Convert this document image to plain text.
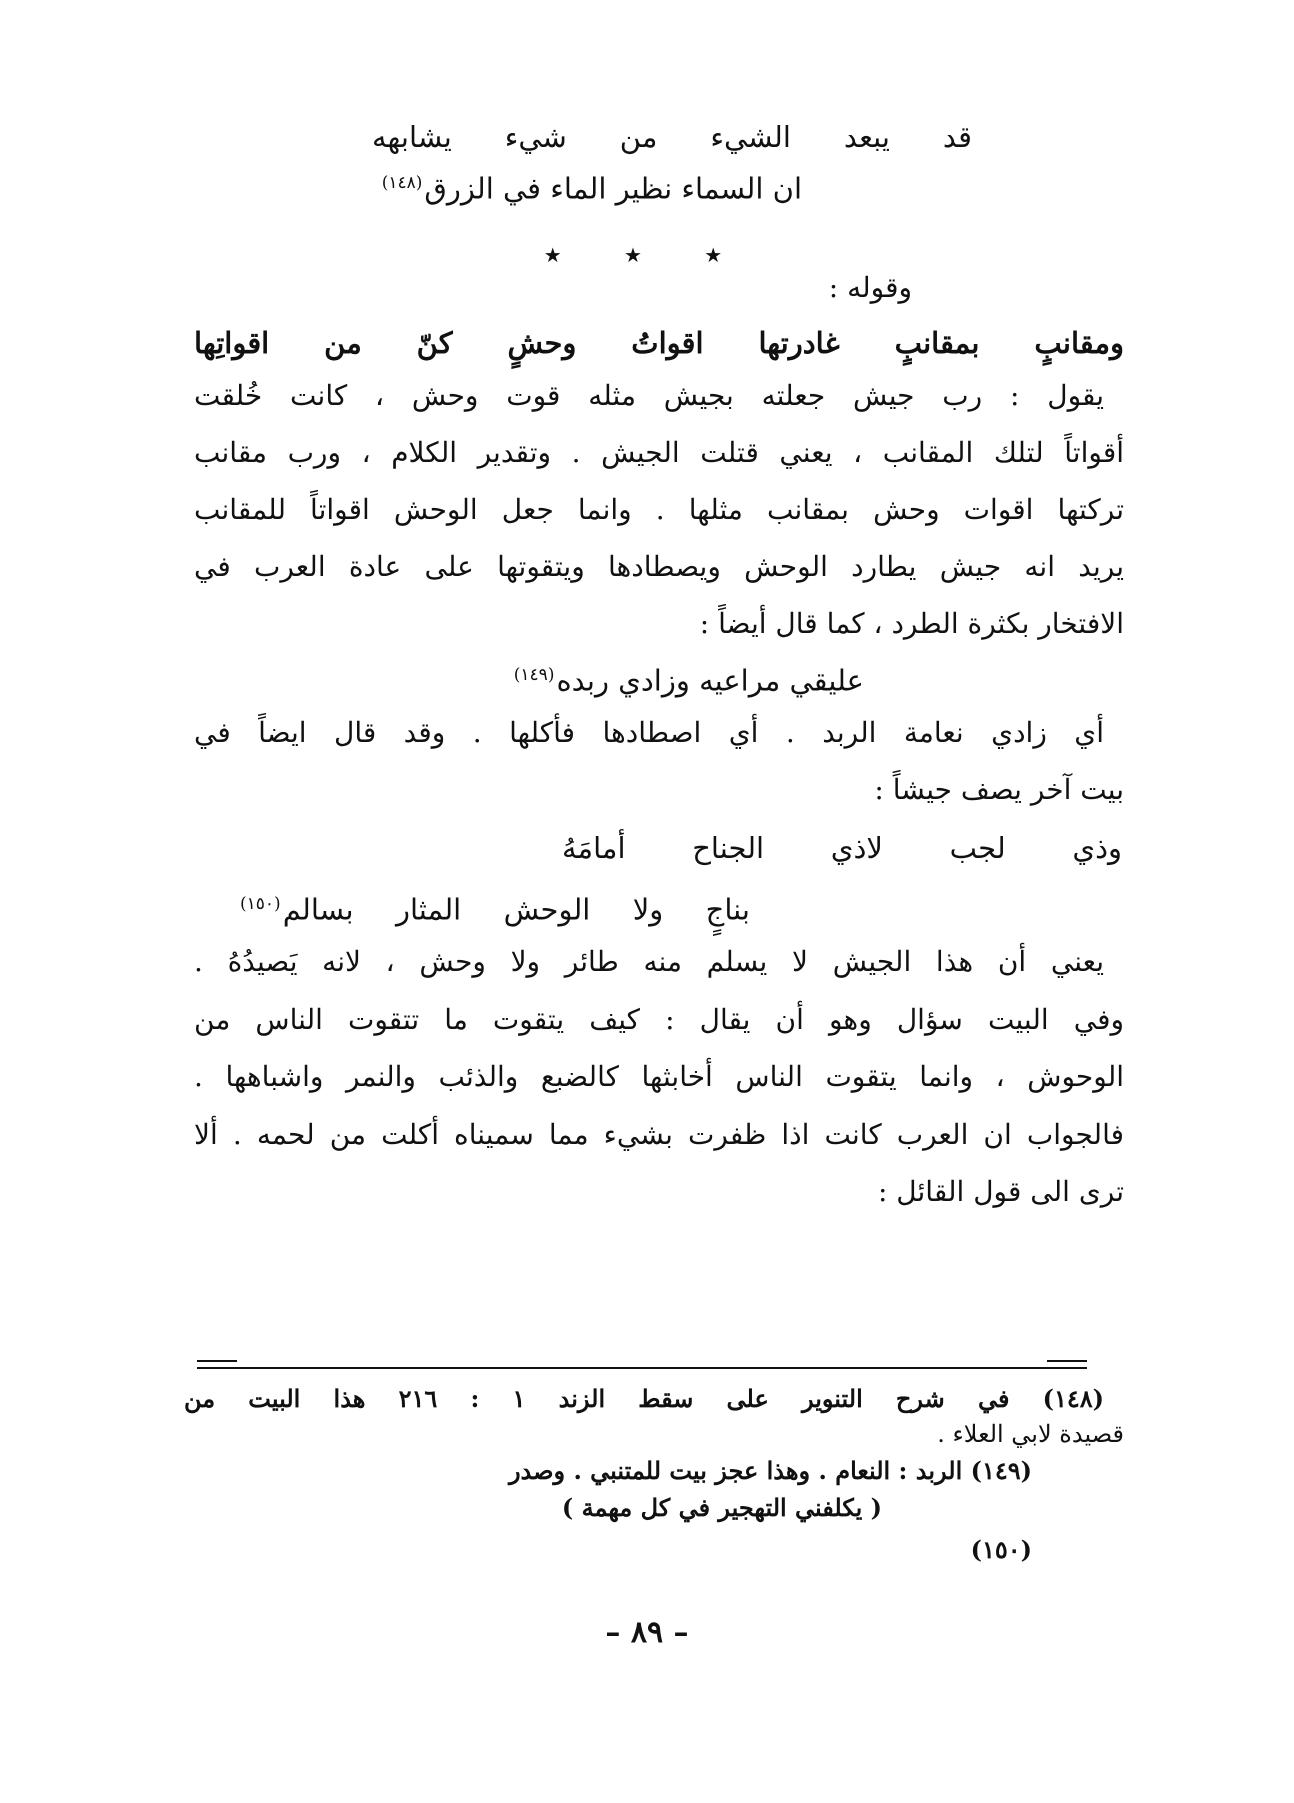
قد يبعد الشيء من شيء يشابهه
ان السماء نظير الماء في الزرق$^{(١٤٨)}$
★ ★ ★
وقوله :
ومقانبٍ بمقانبٍ غادرتها اقواتُ وحشٍ كنّ من اقواتِها
يقول : رب جيش جعلته بجيش مثله قوت وحش ، كانت خُلقت
أقواتاً لتلك المقانب ، يعني قتلت الجيش . وتقدير الكلام ، ورب مقانب
تركتها اقوات وحش بمقانب مثلها . وانما جعل الوحش اقواتاً للمقانب
يريد انه جيش يطارد الوحش ويصطادها ويتقوتها على عادة العرب في
الافتخار بكثرة الطرد ، كما قال أيضاً :
عليقي مراعيه وزادي ربده$^{(١٤٩)}$
أي زادي نعامة الربد . أي اصطادها فأكلها . وقد قال ايضاً في
بيت آخر يصف جيشاً :
وذي لجب لاذي الجناح أمامَهُ
بناجٍ ولا الوحش المثار بسالم$^{(١٥٠)}$
يعني أن هذا الجيش لا يسلم منه طائر ولا وحش ، لانه يَصيدُهُ .
وفي البيت سؤال وهو أن يقال : كيف يتقوت ما تتقوت الناس من
الوحوش ، وانما يتقوت الناس أخابثها كالضبع والذئب والنمر واشباهها .
فالجواب ان العرب كانت اذا ظفرت بشيء مما سميناه أكلت من لحمه . ألا
ترى الى قول القائل :
(١٤٨) في شرح التنوير على سقط الزند ١ : ٢١٦ هذا البيت من
قصيدة لابي العلاء .
(١٤٩) الربد : النعام . وهذا عجز بيت للمتنبي . وصدر
( يكلفني التهجير في كل مهمة )
(١٥٠)
– ٨٩ –
